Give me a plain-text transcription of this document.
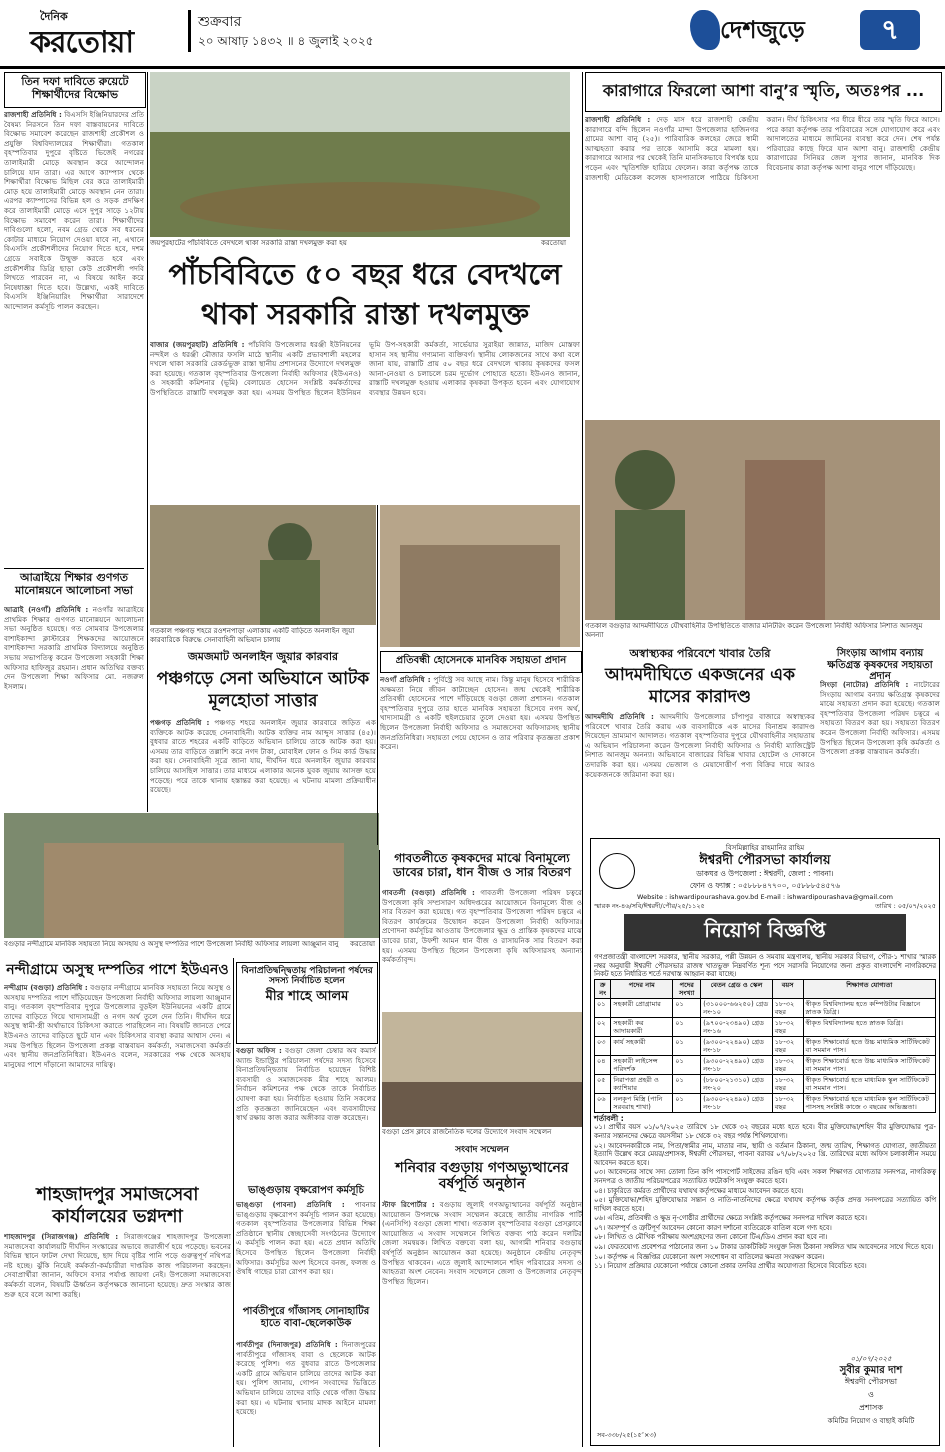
দৈনিক
করতোয়া
শুক্রবার
২০ আষাঢ় ১৪৩২ ॥ ৪ জুলাই ২০২৫	দেশজুড়ে	৭
তিন দফা দাবিতে রুয়েটে শিক্ষার্থীদের বিক্ষোভ
রাজশাহী প্রতিনিধি : বিএসসি ইঞ্জিনিয়ারদের প্রতি বৈষম্য নিরসনে তিন দফা বাস্তবায়নের দাবিতে বিক্ষোভ সমাবেশ করেছেন রাজশাহী প্রকৌশল ও প্রযুক্তি বিশ্ববিদ্যালয়ের শিক্ষার্থীরা। গতকাল বৃহস্পতিবার দুপুরে বৃষ্টিতে ভিজেই নগরের তালাইমারী মোড়ে অবস্থান করে আন্দোলন চালিয়ে যান তারা। এর আগে ক্যাম্পাস থেকে শিক্ষার্থীরা বিক্ষোভ মিছিল বের করে তালাইমারী মোড় হয়ে তালাইমারী মোড়ে অবস্থান নেন তারা। এরপর ক্যাম্পাসের বিভিন্ন হল ও সড়ক প্রদক্ষিণ করে তালাইমারী মোড়ে এসে দুপুর সাড়ে ১২টায় বিক্ষোভ সমাবেশ করেন তারা। শিক্ষার্থীদের দাবিগুলো হলো, নবম গ্রেড থেকে সব ধরনের কোটার মাধ্যমে নিয়োগ দেওয়া যাবে না, এখানে বিএসসি প্রকৌশলীদের নিয়োগ দিতে হবে, দশম গ্রেডে সবাইকে উন্মুক্ত করতে হবে এবং প্রকৌশলীর ডিগ্রি ছাড়া কেউ প্রকৌশলী পদবি লিখতে পারবেন না, এ বিষয়ে আইন করে নিষেধাজ্ঞা দিতে হবে। উল্লেখ্য, একই দাবিতে বিএসসি ইঞ্জিনিয়ারিং শিক্ষার্থীরা সারাদেশে আন্দোলন কর্মসূচি পালন করছেন।
আত্রাইয়ে শিক্ষার গুণগত মানোন্নয়নে আলোচনা সভা
আত্রাই (নওগাঁ) প্রতিনিধি : নওগাঁর আত্রাইয়ে প্রাথমিক শিক্ষার গুণগত মানোন্নয়নে আলোচনা সভা অনুষ্ঠিত হয়েছে। গত সোমবার উপজেলার বাশাইকান্দা ক্লাস্টারের শিক্ষকদের আয়োজনে বাশাইকান্দা সরকারি প্রাথমিক বিদ্যালয়ে অনুষ্ঠিত সভায় সভাপতিত্ব করেন উপজেলা সহকারী শিক্ষা অফিসার হাফিজুর রহমান। প্রধান অতিথির বক্তব্য দেন উপজেলা শিক্ষা অফিসার মো. নজরুল ইসলাম।
জয়পুরহাটের পাঁচবিবিতে বেদখলে থাকা সরকারি রাস্তা দখলমুক্ত করা হয়	করতোয়া
পাঁচবিবিতে ৫০ বছর ধরে বেদখলে থাকা সরকারি রাস্তা দখলমুক্ত
বাজার (জয়পুরহাট) প্রতিনিধি : পাঁচবিবি উপজেলার ধরঞ্জী ইউনিয়নের নন্দইল ও ধরঞ্জী মৌজার ফসলি মাঠে স্থানীয় একটি প্রভাবশালী মহলের দখলে থাকা সরকারি রেকর্ডভুক্ত রাস্তা স্থানীয় প্রশাসনের উদ্যোগে দখলমুক্ত করা হয়েছে। গতকাল বৃহস্পতিবার উপজেলা নির্বাহী অফিসার (ইউএনও) ও সহকারী কমিশনার (ভূমি) বেলায়েত হোসেন সংশ্লিষ্ট কর্মকর্তাদের উপস্থিতিতে রাস্তাটি দখলমুক্ত করা হয়। এসময় উপস্থিত ছিলেন ইউনিয়ন ভূমি উপ-সহকারী কর্মকর্তা, সার্ভেয়ার সুরাইয়া জান্নাত, মাজিদ মোস্তফা হাসান সহ স্থানীয় গণ্যমান্য ব্যক্তিবর্গ। স্থানীয় লোকজনের সাথে কথা বলে জানা যায়, রাস্তাটি প্রায় ৫০ বছর ধরে বেদখলে থাকায় কৃষকদের ফসল আনা-নেওয়া ও চলাচলে চরম দুর্ভোগ পোহাতে হতো। ইউএনও জানান, রাস্তাটি দখলমুক্ত হওয়ায় এলাকার কৃষকরা উপকৃত হবেন এবং যোগাযোগ ব্যবস্থার উন্নয়ন হবে।
গতকাল পঞ্চগড় শহরে রওশনপাড়া এলাকায় একটি বাড়িতে অনলাইন জুয়া কারবারিকে বিরুদ্ধে সেনাবাহিনী অভিযান চালায়
জমজমাট অনলাইন জুয়ার কারবার
পঞ্চগড়ে সেনা অভিযানে আটক মূলহোতা সাত্তার
পঞ্চগড় প্রতিনিধি : পঞ্চগড় শহরে অনলাইন জুয়ার কারবারে জড়িত এক ব্যক্তিকে আটক করেছে সেনাবাহিনী। আটক ব্যক্তির নাম আব্দুস সাত্তার (৪৫)। বুধবার রাতে শহরের একটি বাড়িতে অভিযান চালিয়ে তাকে আটক করা হয়। এসময় তার বাড়িতে তল্লাশি করে নগদ টাকা, মোবাইল ফোন ও সিম কার্ড উদ্ধার করা হয়। সেনাবাহিনী সূত্রে জানা যায়, দীর্ঘদিন ধরে অনলাইন জুয়ার কারবার চালিয়ে আসছিল সাত্তার। তার মাধ্যমে এলাকার অনেক যুবক জুয়ায় আসক্ত হয়ে পড়েছে। পরে তাকে থানায় হস্তান্তর করা হয়েছে। এ ঘটনায় মামলা প্রক্রিয়াধীন রয়েছে।
প্রতিবন্ধী হোসেনকে মানবিক সহায়তা প্রদান
নওগাঁ প্রতিনিধি : পুর্বিস্ট্রে সব আছে নাম। কিন্তু মানুষ হিসেবে শারীরিক অক্ষমতা নিয়ে জীবন কাটাচ্ছেন হোসেন। জন্ম থেকেই শারীরিক প্রতিবন্ধী হোসেনের পাশে দাঁড়িয়েছে বগুড়া জেলা প্রশাসন। গতকাল বৃহস্পতিবার দুপুরে তার হাতে মানবিক সহায়তা হিসেবে নগদ অর্থ, খাদ্যসামগ্রী ও একটি হুইলচেয়ার তুলে দেওয়া হয়। এসময় উপস্থিত ছিলেন উপজেলা নির্বাহী অফিসার ও সমাজসেবা অফিসারসহ স্থানীয় জনপ্রতিনিধিরা। সহায়তা পেয়ে হোসেন ও তার পরিবার কৃতজ্ঞতা প্রকাশ করেন।
বগুড়ার নন্দীগ্রামে মানবিক সহায়তা নিয়ে অসহায় ও অসুস্থ দম্পতির পাশে উপজেলা নির্বাহী অফিসার লায়লা আঞ্জুমান বানু করতোয়া
নন্দীগ্রামে অসুস্থ দম্পতির পাশে ইউএনও
নন্দীগ্রাম (বগুড়া) প্রতিনিধি : বগুড়ার নন্দীগ্রামে মানবিক সহায়তা নিয়ে অসুস্থ ও অসহায় দম্পতির পাশে দাঁড়িয়েছেন উপজেলা নির্বাহী অফিসার লায়লা আঞ্জুমান বানু। গতকাল বৃহস্পতিবার দুপুরে উপজেলার বুড়ইল ইউনিয়নের একটি গ্রামে তাদের বাড়িতে গিয়ে খাদ্যসামগ্রী ও নগদ অর্থ তুলে দেন তিনি। দীর্ঘদিন ধরে অসুস্থ স্বামী-স্ত্রী অর্থাভাবে চিকিৎসা করাতে পারছিলেন না। বিষয়টি জানতে পেরে ইউএনও তাদের বাড়িতে ছুটে যান এবং চিকিৎসার ব্যবস্থা করার আশ্বাস দেন। এ সময় উপস্থিত ছিলেন উপজেলা প্রকল্প বাস্তবায়ন কর্মকর্তা, সমাজসেবা কর্মকর্তা এবং স্থানীয় জনপ্রতিনিধিরা। ইউএনও বলেন, সরকারের পক্ষ থেকে অসহায় মানুষের পাশে দাঁড়ানো আমাদের দায়িত্ব।
বিনাপ্রতিদ্বন্দ্বিতায় পরিচালনা পর্ষদের সদস্য নির্বাচিত হলেন
মীর শাহে আলম
বগুড়া অফিস : বগুড়া জেলা চেম্বার অব কমার্স অ্যান্ড ইন্ডাস্ট্রির পরিচালনা পর্ষদের সদস্য হিসেবে বিনাপ্রতিদ্বন্দ্বিতায় নির্বাচিত হয়েছেন বিশিষ্ট ব্যবসায়ী ও সমাজসেবক মীর শাহে আলম। নির্বাচন কমিশনের পক্ষ থেকে তাকে নির্বাচিত ঘোষণা করা হয়। নির্বাচিত হওয়ায় তিনি সকলের প্রতি কৃতজ্ঞতা জানিয়েছেন এবং ব্যবসায়ীদের স্বার্থ রক্ষায় কাজ করার অঙ্গীকার ব্যক্ত করেছেন।
শাহজাদপুর সমাজসেবা কার্যালয়ের ভগ্নদশা
শাহজাদপুর (সিরাজগঞ্জ) প্রতিনিধি : সিরাজগঞ্জের শাহজাদপুর উপজেলা সমাজসেবা কার্যালয়টি দীর্ঘদিন সংস্কারের অভাবে জরাজীর্ণ হয়ে পড়েছে। ভবনের বিভিন্ন স্থানে ফাটল দেখা দিয়েছে, ছাদ দিয়ে বৃষ্টির পানি পড়ে গুরুত্বপূর্ণ নথিপত্র নষ্ট হচ্ছে। ঝুঁকি নিয়েই কর্মকর্তা-কর্মচারীরা দাপ্তরিক কাজ পরিচালনা করছেন। সেবাপ্রার্থীরা জানান, অফিসে বসার পর্যাপ্ত জায়গা নেই। উপজেলা সমাজসেবা কর্মকর্তা বলেন, বিষয়টি ঊর্ধ্বতন কর্তৃপক্ষকে জানানো হয়েছে। দ্রুত সংস্কার কাজ শুরু হবে বলে আশা করছি।
পার্বতীপুরে গাঁজাসহ সোনাহাটির হাতে বাবা-ছেলেকাউক
পার্বতীপুর (দিনাজপুর) প্রতিনিধি : দিনাজপুরের পার্বতীপুরে গাঁজাসহ বাবা ও ছেলেকে আটক করেছে পুলিশ। গত বুধবার রাতে উপজেলার একটি গ্রামে অভিযান চালিয়ে তাদের আটক করা হয়। পুলিশ জানায়, গোপন সংবাদের ভিত্তিতে অভিযান চালিয়ে তাদের বাড়ি থেকে গাঁজা উদ্ধার করা হয়। এ ঘটনায় থানায় মাদক আইনে মামলা হয়েছে।
গাবতলীতে কৃষকদের মাঝে বিনামূল্যে ডাবের চারা, ধান বীজ ও সার বিতরণ
গাবতলী (বগুড়া) প্রতিনিধি : গাবতলী উপজেলা পরিষদ চত্বরে উপজেলা কৃষি সম্প্রসারণ অধিদপ্তরের আয়োজনে বিনামূল্যে বীজ ও সার বিতরণ করা হয়েছে। গত বৃহস্পতিবার উপজেলা পরিষদ চত্বরে এ বিতরণ কার্যক্রমের উদ্বোধন করেন উপজেলা নির্বাহী অফিসার। প্রণোদনা কর্মসূচির আওতায় উপজেলার ক্ষুদ্র ও প্রান্তিক কৃষকদের মাঝে ডাবের চারা, উফশী আমন ধান বীজ ও রাসায়নিক সার বিতরণ করা হয়। এসময় উপস্থিত ছিলেন উপজেলা কৃষি অফিসারসহ অন্যান্য কর্মকর্তাবৃন্দ।
বগুড়া প্রেস ক্লাবে রাজনৈতিক দলের উদ্যোগে সংবাদ সম্মেলন
সংবাদ সম্মেলন
শনিবার বগুড়ায় গণঅভ্যুত্থানের বর্ষপূর্তি অনুষ্ঠান
স্টাফ রিপোর্টার : বগুড়ায় জুলাই গণঅভ্যুত্থানের বর্ষপূর্তি অনুষ্ঠান আয়োজন উপলক্ষে সংবাদ সম্মেলন করেছে জাতীয় নাগরিক পার্টি (এনসিপি) বগুড়া জেলা শাখা। গতকাল বৃহস্পতিবার বগুড়া প্রেসক্লাবে আয়োজিত এ সংবাদ সম্মেলনে লিখিত বক্তব্য পাঠ করেন দলটির জেলা সমন্বয়ক। লিখিত বক্তব্যে বলা হয়, আগামী শনিবার বগুড়ায় বর্ষপূর্তি অনুষ্ঠান আয়োজন করা হয়েছে। অনুষ্ঠানে কেন্দ্রীয় নেতৃবৃন্দ উপস্থিত থাকবেন। এতে জুলাই আন্দোলনে শহিদ পরিবারের সদস্য ও আহতরা অংশ নেবেন। সংবাদ সম্মেলনে জেলা ও উপজেলার নেতৃবৃন্দ উপস্থিত ছিলেন।
ভাঙ্গুড়ায় বৃক্ষরোপণ কর্মসূচি
ভাঙ্গুড়া (পাবনা) প্রতিনিধি : পাবনার ভাঙ্গুড়ায় বৃক্ষরোপণ কর্মসূচি পালন করা হয়েছে। গতকাল বৃহস্পতিবার উপজেলার বিভিন্ন শিক্ষা প্রতিষ্ঠানে স্থানীয় স্বেচ্ছাসেবী সংগঠনের উদ্যোগে এ কর্মসূচি পালন করা হয়। এতে প্রধান অতিথি হিসেবে উপস্থিত ছিলেন উপজেলা নির্বাহী অফিসার। কর্মসূচির অংশ হিসেবে বনজ, ফলজ ও ঔষধি গাছের চারা রোপণ করা হয়।
কারাগারে ফিরলো আশা বানু’র স্মৃতি, অতঃপর ...
রাজশাহী প্রতিনিধি : দেড় মাস ধরে রাজশাহী কেন্দ্রীয় কারাগারে বন্দি ছিলেন নওগাঁর মান্দা উপজেলার হাজিনগর গ্রামের আশা বানু (২৫)। পারিবারিক কলহের জেরে স্বামী আত্মহত্যা করার পর তাকে আসামি করে মামলা হয়। কারাগারে আসার পর থেকেই তিনি মানসিকভাবে বিপর্যস্ত হয়ে পড়েন এবং স্মৃতিশক্তি হারিয়ে ফেলেন। কারা কর্তৃপক্ষ তাকে রাজশাহী মেডিকেল কলেজ হাসপাতালে পাঠিয়ে চিকিৎসা করান। দীর্ঘ চিকিৎসার পর ধীরে ধীরে তার স্মৃতি ফিরে আসে। পরে কারা কর্তৃপক্ষ তার পরিবারের সঙ্গে যোগাযোগ করে এবং আদালতের মাধ্যমে জামিনের ব্যবস্থা করে দেন। শেষ পর্যন্ত পরিবারের কাছে ফিরে যান আশা বানু। রাজশাহী কেন্দ্রীয় কারাগারের সিনিয়র জেল সুপার জানান, মানবিক দিক বিবেচনায় কারা কর্তৃপক্ষ আশা বানুর পাশে দাঁড়িয়েছে।
গতকাল বগুড়ার আদমদীঘিতে যৌথবাহিনীর উপস্থিতিতে বাজার মনিটরিং করেন উপজেলা নির্বাহী অফিসার নিশাত আনজুম অনন্যা
অস্বাস্থ্যকর পরিবেশে খাবার তৈরি
আদমদীঘিতে একজনের এক মাসের কারাদণ্ড
আদমদীঘি প্রতিনিধি : আদমদীঘি উপজেলার চাঁপাপুর বাজারে অস্বাস্থ্যকর পরিবেশে খাবার তৈরি করায় এক ব্যবসায়ীকে এক মাসের বিনাশ্রম কারাদণ্ড দিয়েছেন ভ্রাম্যমাণ আদালত। গতকাল বৃহস্পতিবার দুপুরে যৌথবাহিনীর সহায়তায় এ অভিযান পরিচালনা করেন উপজেলা নির্বাহী অফিসার ও নির্বাহী ম্যাজিস্ট্রেট নিশাত আনজুম অনন্যা। অভিযানে বাজারের বিভিন্ন খাবার হোটেল ও দোকানে তদারকি করা হয়। এসময় ভেজাল ও মেয়াদোত্তীর্ণ পণ্য বিক্রির দায়ে আরও কয়েকজনকে জরিমানা করা হয়।
সিংড়ায় আগাম বন্যায় ক্ষতিগ্রস্ত কৃষকদের সহায়তা প্রদান
সিংড়া (নাটোর) প্রতিনিধি : নাটোরের সিংড়ায় আগাম বন্যায় ক্ষতিগ্রস্ত কৃষকদের মাঝে সহায়তা প্রদান করা হয়েছে। গতকাল বৃহস্পতিবার উপজেলা পরিষদ চত্বরে এ সহায়তা বিতরণ করা হয়। সহায়তা বিতরণ করেন উপজেলা নির্বাহী অফিসার। এসময় উপস্থিত ছিলেন উপজেলা কৃষি কর্মকর্তা ও উপজেলা প্রকল্প বাস্তবায়ন কর্মকর্তা।
বিসমিল্লাহির রাহমানির রাহিম
ঈশ্বরদী পৌরসভা কার্যালয়
ডাকঘর ও উপজেলা : ঈশ্বরদী, জেলা : পাবনা।
ফোন ও ফ্যাক্স : ০৫৮৮৮৪৭৭০০, ০৫৮৮৮৫৪৫৭৬
Website : ishwardipourashava.gov.bd E-mail : ishwardipourashava@gmail.com
স্মারক নং-৪৬/সবি/ঈশ্বরদী/পৌর/২৫/১১২৫	তারিখ : ০৫/০৭/২০২৫
নিয়োগ বিজ্ঞপ্তি
গণপ্রজাতন্ত্রী বাংলাদেশ সরকার, স্থানীয় সরকার, পল্লী উন্নয়ন ও সমবায় মন্ত্রণালয়, স্থানীয় সরকার বিভাগ, পৌর-১ শাখার স্মারক নম্বর অনুযায়ী ঈশ্বরদী পৌরসভার রাজস্ব খাতভুক্ত নিম্নবর্ণিত শূন্য পদে সরাসরি নিয়োগের জন্য প্রকৃত বাংলাদেশি নাগরিকদের নিকট হতে নির্ধারিত শর্তে দরখাস্ত আহ্বান করা যাচ্ছে।
ক্র নং	পদের নাম	পদের সংখ্যা	বেতন গ্রেড ও স্কেল	বয়স	শিক্ষাগত যোগ্যতা
০১	সহকারী প্রোগ্রামার	০১	(৩১০০০-৬৬২৫০) গ্রেড নং-১০	১৮-৩২ বছর	স্বীকৃত বিশ্ববিদ্যালয় হতে কম্পিউটার বিজ্ঞানে স্নাতক ডিগ্রি।
০২	সহকারী কর আদায়কারী	০১	(৯৭০০-২৩৪৯০) গ্রেড নং-১৬	১৮-৩২ বছর	স্বীকৃত বিশ্ববিদ্যালয় হতে স্নাতক ডিগ্রি।
০৩	কার্য সহকারী	০১	(৯৩০০-২২৪৯০) গ্রেড নং-১৮	১৮-৩২ বছর	স্বীকৃত শিক্ষাবোর্ড হতে উচ্চ মাধ্যমিক সার্টিফিকেট বা সমমান পাস।
০৪	সহকারী লাইসেন্স পরিদর্শক	০১	(৯৩০০-২২৪৯০) গ্রেড নং-১৮	১৮-৩২ বছর	স্বীকৃত শিক্ষাবোর্ড হতে উচ্চ মাধ্যমিক সার্টিফিকেট বা সমমান পাস।
০৫	নিরাপত্তা প্রহরী ও ক্যাশিয়ার	০১	(৮৮০০-২১৩১০) গ্রেড নং-২০	১৮-৩২ বছর	স্বীকৃত শিক্ষাবোর্ড হতে মাধ্যমিক স্কুল সার্টিফিকেট বা সমমান পাস।
০৬	নলকূপ মিস্ত্রি (পানি সরবরাহ শাখা)	০১	(৯৩০০-২২৪৯০) গ্রেড নং-১৮	১৮-৩২ বছর	স্বীকৃত শিক্ষাবোর্ড হতে মাধ্যমিক স্কুল সার্টিফিকেট পাসসহ সংশ্লিষ্ট কাজে ৩ বছরের অভিজ্ঞতা।
শর্তাবলী :
০১। প্রার্থীর বয়স ০১/০৭/২০২৫ তারিখে ১৮ থেকে ৩২ বছরের মধ্যে হতে হবে। বীর মুক্তিযোদ্ধা/শহিদ বীর মুক্তিযোদ্ধার পুত্র-কন্যার সন্তানদের ক্ষেত্রে বয়সসীমা ১৮ থেকে ৩২ বছর পর্যন্ত শিথিলযোগ্য।
০২। আবেদনকারীকে নাম, পিতা/স্বামীর নাম, মাতার নাম, স্থায়ী ও বর্তমান ঠিকানা, জন্ম তারিখ, শিক্ষাগত যোগ্যতা, জাতীয়তা ইত্যাদি উল্লেখ করে মেয়র/প্রশাসক, ঈশ্বরদী পৌরসভা, পাবনা বরাবর ০৭/০৮/২০২৫ খ্রি. তারিখের মধ্যে অফিস চলাকালীন সময়ে আবেদন করতে হবে।
০৩। আবেদনের সাথে সদ্য তোলা তিন কপি পাসপোর্ট সাইজের রঙিন ছবি এবং সকল শিক্ষাগত যোগ্যতার সনদপত্র, নাগরিকত্ব সনদপত্র ও জাতীয় পরিচয়পত্রের সত্যায়িত ফটোকপি সংযুক্ত করতে হবে।
০৪। চাকুরিতে কর্মরত প্রার্থীদের যথাযথ কর্তৃপক্ষের মাধ্যমে আবেদন করতে হবে।
০৫। মুক্তিযোদ্ধা/শহিদ মুক্তিযোদ্ধার সন্তান ও নাতি-নাতনিদের ক্ষেত্রে যথাযথ কর্তৃপক্ষ কর্তৃক প্রদত্ত সনদপত্রের সত্যায়িত কপি দাখিল করতে হবে।
০৬। এতিম, প্রতিবন্ধী ও ক্ষুদ্র নৃ-গোষ্ঠীর প্রার্থীদের ক্ষেত্রে সংশ্লিষ্ট কর্তৃপক্ষের সনদপত্র দাখিল করতে হবে।
০৭। অসম্পূর্ণ ও ত্রুটিপূর্ণ আবেদন কোনো কারণ দর্শানো ব্যতিরেকে বাতিল বলে গণ্য হবে।
০৮। লিখিত ও মৌখিক পরীক্ষায় অংশগ্রহণের জন্য কোনো টিএ/ডিএ প্রদান করা হবে না।
০৯। ফেরতযোগ্য প্রবেশপত্র পাঠানোর জন্য ১০ টাকার ডাকটিকিট সংযুক্ত নিজ ঠিকানা সম্বলিত খাম আবেদনের সাথে দিতে হবে।
১০। কর্তৃপক্ষ এ বিজ্ঞপ্তির যেকোনো অংশ সংশোধন বা বাতিলের ক্ষমতা সংরক্ষণ করেন।
১১। নিয়োগ প্রক্রিয়ার যেকোনো পর্যায়ে কোনো প্রকার তদবির প্রার্থীর অযোগ্যতা হিসেবে বিবেচিত হবে।
০১/০৭/২০২৫
সুবীর কুমার দাশ
ঈশ্বরদী পৌরসভা
ও
প্রশাসক
কমিটির নিয়োগ ও বাছাই কমিটি
সব-৩৩৮/২৫(১৫″×৩)
